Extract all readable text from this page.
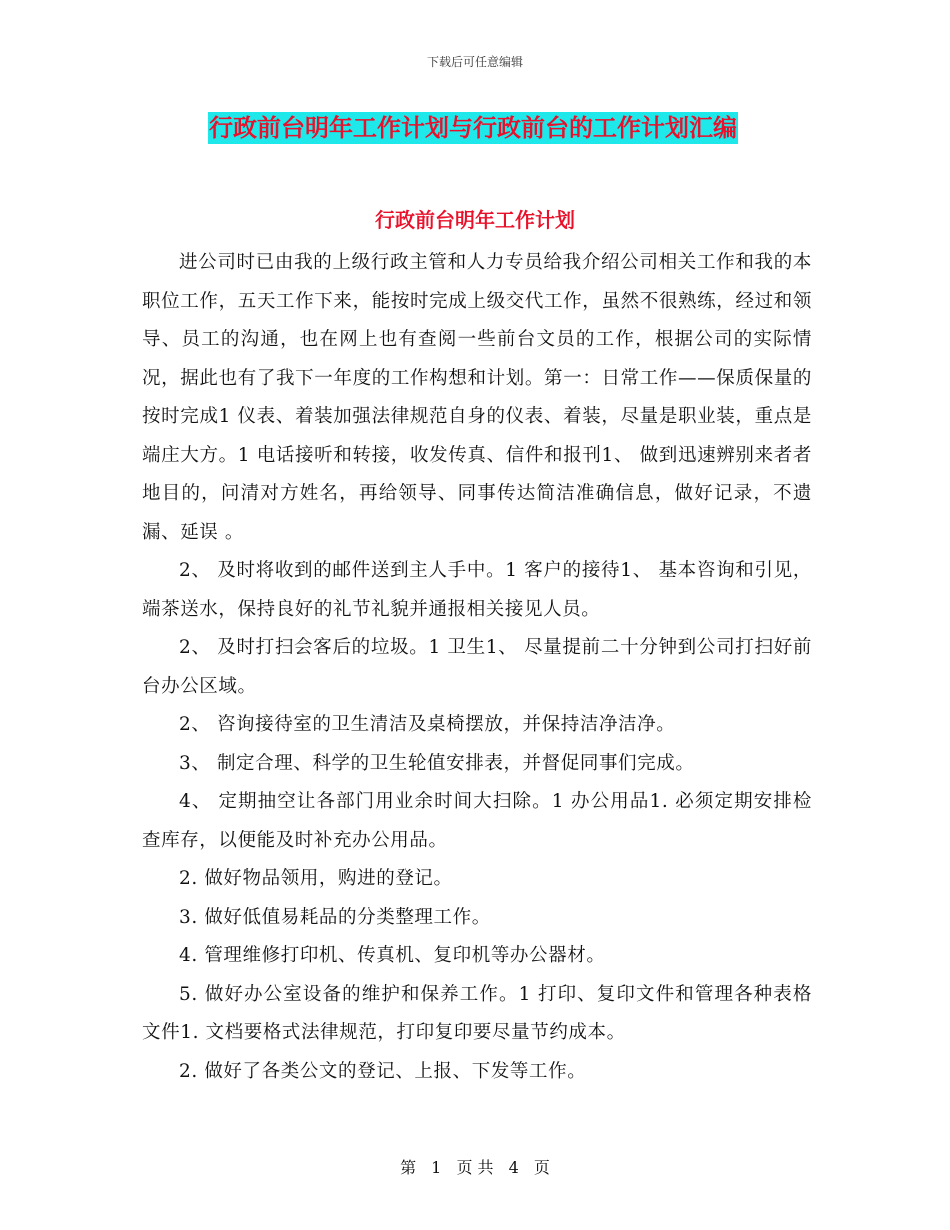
下载后可任意编辑
行政前台明年工作计划与行政前台的工作计划汇编
行政前台明年工作计划

进公司时已由我的上级行政主管和人力专员给我介绍公司相关工作和我的本职位工作，五天工作下来，能按时完成上级交代工作，虽然不很熟练，经过和领导、员工的沟通，也在网上也有查阅一些前台文员的工作，根据公司的实际情况，据此也有了我下一年度的工作构想和计划。第一：日常工作——保质保量的按时完成1 仪表、着装加强法律规范自身的仪表、着装，尽量是职业装，重点是端庄大方。1 电话接听和转接，收发传真、信件和报刊1、 做到迅速辨别来者者地目的，问清对方姓名，再给领导、同事传达简洁准确信息，做好记录，不遗漏、延误 。

2、 及时将收到的邮件送到主人手中。1 客户的接待1、 基本咨询和引见，端茶送水，保持良好的礼节礼貌并通报相关接见人员。

2、 及时打扫会客后的垃圾。1 卫生1、 尽量提前二十分钟到公司打扫好前台办公区域。

2、 咨询接待室的卫生清洁及桌椅摆放，并保持洁净洁净。

3、 制定合理、科学的卫生轮值安排表，并督促同事们完成。

4、 定期抽空让各部门用业余时间大扫除。1 办公用品1. 必须定期安排检查库存，以便能及时补充办公用品。

2. 做好物品领用，购进的登记。

3. 做好低值易耗品的分类整理工作。

4. 管理维修打印机、传真机、复印机等办公器材。

5. 做好办公室设备的维护和保养工作。1 打印、复印文件和管理各种表格文件1. 文档要格式法律规范，打印复印要尽量节约成本。

2. 做好了各类公文的登记、上报、下发等工作。

第 1 页 共 4 页
